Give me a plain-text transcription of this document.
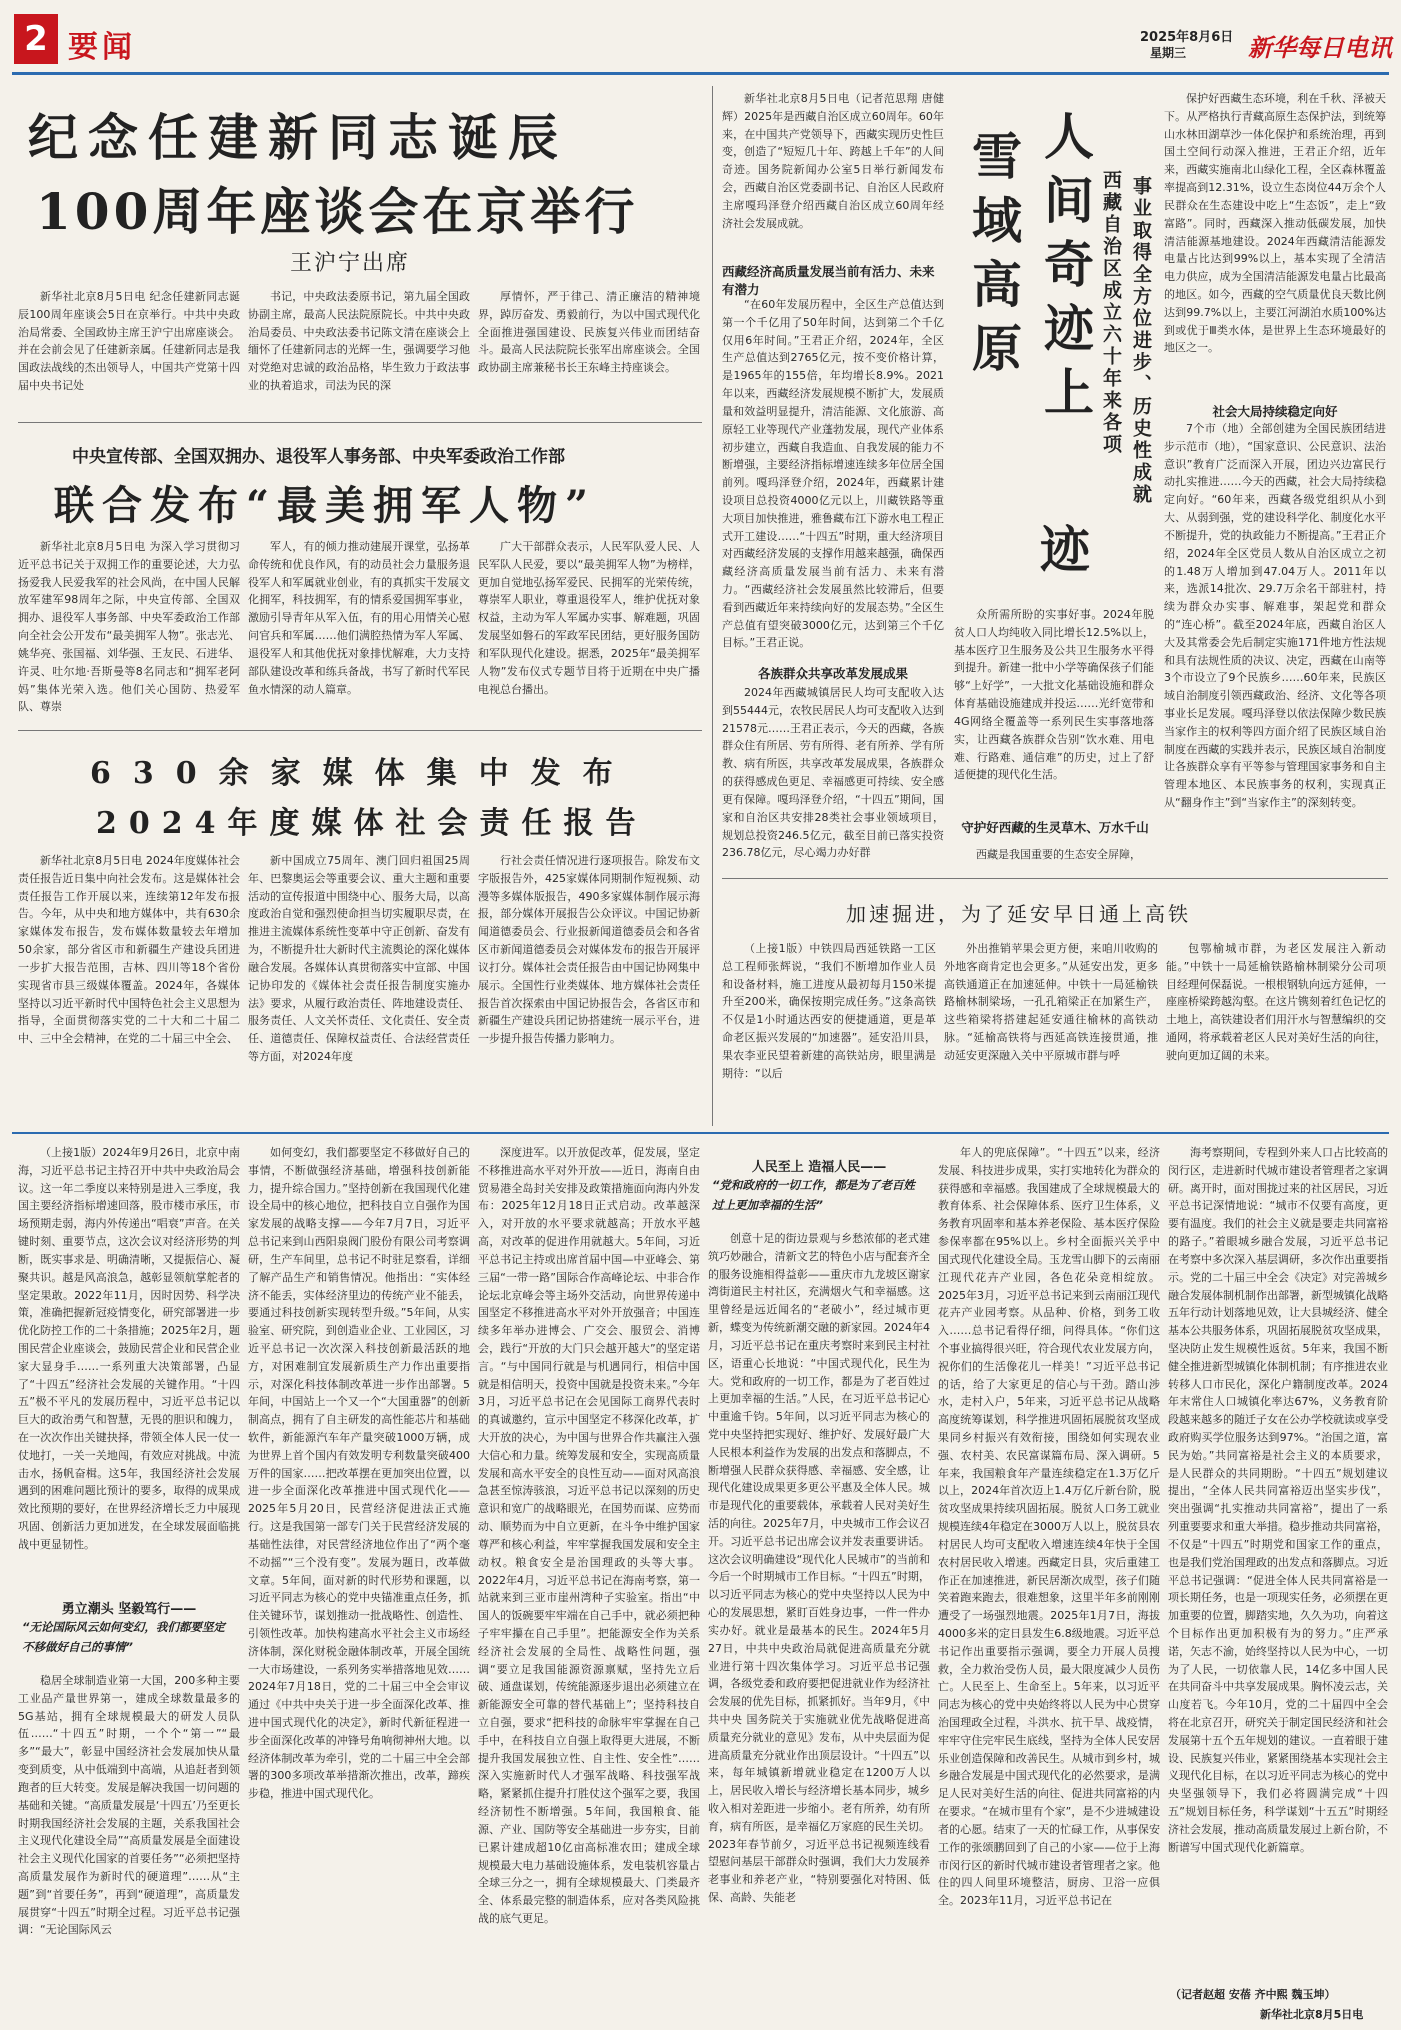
2 要闻	2025年8月6日
星期三	新华每日电讯
纪念任建新同志诞辰
100周年座谈会在京举行
王沪宁出席

新华社北京8月5日电 纪念任建新同志诞辰100周年座谈会5日在京举行。中共中央政治局常委、全国政协主席王沪宁出席座谈会。并在会前会见了任建新亲属。任建新同志是我国政法战线的杰出领导人，中国共产党第十四届中央书记处

书记，中央政法委原书记，第九届全国政协副主席，最高人民法院原院长。中共中央政治局委员、中央政法委书记陈文清在座谈会上缅怀了任建新同志的光辉一生，强调要学习他对党绝对忠诚的政治品格，毕生致力于政法事业的执着追求，司法为民的深

厚情怀，严于律己、清正廉洁的精神境界，踔厉奋发、勇毅前行，为以中国式现代化全面推进强国建设、民族复兴伟业而团结奋斗。最高人民法院院长张军出席座谈会。全国政协副主席兼秘书长王东峰主持座谈会。

中央宣传部、全国双拥办、退役军人事务部、中央军委政治工作部
联合发布“最美拥军人物”

新华社北京8月5日电 为深入学习贯彻习近平总书记关于双拥工作的重要论述，大力弘扬爱我人民爱我军的社会风尚，在中国人民解放军建军98周年之际，中央宣传部、全国双拥办、退役军人事务部、中央军委政治工作部向全社会公开发布“最美拥军人物”。张志光、姚华亮、张国福、刘华强、王友民、石进华、许灵、吐尔地·吾斯曼等8名同志和“拥军老阿妈”集体光荣入选。他们关心国防、热爱军队、尊崇

军人，有的倾力推动建展开课堂，弘扬革命传统和优良作风，有的动员社会力量服务退役军人和军属就业创业，有的真抓实干发展文化拥军，科技拥军，有的情系爱国拥军事业，激励引导青年从军入伍，有的用心用情关心慰问官兵和军属……他们满腔热情为军人军属、退役军人和其他优抚对象排忧解难，大力支持部队建设改革和练兵备战，书写了新时代军民鱼水情深的动人篇章。

广大干部群众表示，人民军队爱人民、人民军队人民爱，要以“最美拥军人物”为榜样，更加自觉地弘扬军爱民、民拥军的光荣传统，尊崇军人职业，尊重退役军人，维护优抚对象权益，主动为军人军属办实事、解难题，巩固发展坚如磐石的军政军民团结，更好服务国防和军队现代化建设。据悉，2025年“最美拥军人物”发布仪式专题节目将于近期在中央广播电视总台播出。

630余家媒体集中发布
2024年度媒体社会责任报告

新华社北京8月5日电 2024年度媒体社会责任报告近日集中向社会发布。这是媒体社会责任报告工作开展以来，连续第12年发布报告。今年，从中央和地方媒体中，共有630余家媒体发布报告，发布媒体数量较去年增加50余家，部分省区市和新疆生产建设兵团进一步扩大报告范围，吉林、四川等18个省份实现省市县三级媒体覆盖。2024年，各媒体坚持以习近平新时代中国特色社会主义思想为指导，全面贯彻落实党的二十大和二十届二中、三中全会精神，在党的二十届三中全会、

新中国成立75周年、澳门回归祖国25周年、巴黎奥运会等重要会议、重大主题和重要活动的宣传报道中围绕中心、服务大局，以高度政治自觉和强烈使命担当切实履职尽责，在推进主流媒体系统性变革中守正创新、奋发有为，不断提升壮大新时代主流舆论的深化媒体融合发展。各媒体认真贯彻落实中宣部、中国记协印发的《媒体社会责任报告制度实施办法》要求，从履行政治责任、阵地建设责任、服务责任、人文关怀责任、文化责任、安全责任、道德责任、保障权益责任、合法经营责任等方面，对2024年度

行社会责任情况进行逐项报告。除发布文字版报告外，425家媒体同期制作短视频、动漫等多媒体版报告，490多家媒体制作展示海报，部分媒体开展报告公众评议。中国记协新闻道德委员会、行业报新闻道德委员会和各省区市新闻道德委员会对媒体发布的报告开展评议打分。媒体社会责任报告由中国记协网集中展示。全国性行业类媒体、地方媒体社会责任报告首次探索由中国记协报告会，各省区市和新疆生产建设兵团记协搭建统一展示平台，进一步提升报告传播力影响力。

新华社北京8月5日电（记者范思翔 唐健辉）2025年是西藏自治区成立60周年。60年来，在中国共产党领导下，西藏实现历史性巨变，创造了“短短几十年、跨越上千年”的人间奇迹。国务院新闻办公室5日举行新闻发布会，西藏自治区党委副书记、自治区人民政府主席嘎玛泽登介绍西藏自治区成立60周年经济社会发展成就。

西藏经济高质量发展当前有活力、未来有潜力

“在60年发展历程中，全区生产总值达到第一个千亿用了50年时间，达到第二个千亿仅用6年时间。”王君正介绍，2024年，全区生产总值达到2765亿元，按不变价格计算，是1965年的155倍，年均增长8.9%。2021年以来，西藏经济发展规模不断扩大，发展质量和效益明显提升，清洁能源、文化旅游、高原轻工业等现代产业蓬勃发展，现代产业体系初步建立，西藏自我造血、自我发展的能力不断增强，主要经济指标增速连续多年位居全国前列。嘎玛泽登介绍，2024年，西藏累计建设项目总投资4000亿元以上，川藏铁路等重大项目加快推进，雅鲁藏布江下游水电工程正式开工建设……“十四五”时期，重大经济项目对西藏经济发展的支撑作用越来越强，确保西藏经济高质量发展当前有活力、未来有潜力。“西藏经济社会发展虽然比较滞后，但要看到西藏近年来持续向好的发展态势。”全区生产总值有望突破3000亿元，达到第三个千亿目标。”王君正说。

各族群众共享改革发展成果

2024年西藏城镇居民人均可支配收入达到55444元，农牧民居民人均可支配收入达到21578元……王君正表示，今天的西藏，各族群众住有所居、劳有所得、老有所养、学有所教、病有所医，共享改革发展成果，各族群众的获得感成色更足、幸福感更可持续、安全感更有保障。嘎玛泽登介绍，“十四五”期间，国家和自治区共安排28类社会事业领域项目，规划总投资246.5亿元，截至目前已落实投资236.78亿元，尽心竭力办好群

人间奇迹上
迹
雪域高原	西藏自治区成立六十年来各项 事业取得全方位进步、历史性成就

众所需所盼的实事好事。2024年脱贫人口人均纯收入同比增长12.5%以上，基本医疗卫生服务及公共卫生服务水平得到提升。新建一批中小学等确保孩子们能够“上好学”，一大批文化基础设施和群众体育基础设施建成并投运……光纤宽带和4G网络全覆盖等一系列民生实事落地落实，让西藏各族群众告别“饮水难、用电难、行路难、通信难”的历史，过上了舒适便捷的现代化生活。

守护好西藏的生灵草木、万水千山

西藏是我国重要的生态安全屏障，

保护好西藏生态环境，利在千秋、泽被天下。从严格执行青藏高原生态保护法，到统筹山水林田湖草沙一体化保护和系统治理，再到国土空间行动深入推进，王君正介绍，近年来，西藏实施南北山绿化工程，全区森林覆盖率提高到12.31%，设立生态岗位44万余个人民群众在生态建设中吃上“生态饭”，走上“致富路”。同时，西藏深入推动低碳发展，加快清洁能源基地建设。2024年西藏清洁能源发电量占比达到99%以上，基本实现了全清洁电力供应，成为全国清洁能源发电量占比最高的地区。如今，西藏的空气质量优良天数比例达到99.7%以上，主要江河湖泊水质100%达到或优于Ⅲ类水体，是世界上生态环境最好的地区之一。

社会大局持续稳定向好

7个市（地）全部创建为全国民族团结进步示范市（地），“国家意识、公民意识、法治意识”教育广泛而深入开展，团边兴边富民行动扎实推进……今天的西藏，社会大局持续稳定向好。“60年来，西藏各级党组织从小到大、从弱到强，党的建设科学化、制度化水平不断提升，党的执政能力不断提高。”王君正介绍，2024年全区党员人数从自治区成立之初的1.48万人增加到47.04万人。2011年以来，选派14批次、29.7万余名干部驻村，持续为群众办实事、解难事，架起党和群众的“连心桥”。截至2024年底，西藏自治区人大及其常委会先后制定实施171件地方性法规和具有法规性质的决议、决定，西藏在山南等3个市设立了9个民族乡……60年来，民族区域自治制度引领西藏政治、经济、文化等各项事业长足发展。嘎玛泽登以依法保障少数民族当家作主的权利等四方面介绍了民族区域自治制度在西藏的实践并表示，民族区域自治制度让各族群众享有平等参与管理国家事务和自主管理本地区、本民族事务的权利，实现真正从“翻身作主”到“当家作主”的深刻转变。

加速掘进，为了延安早日通上高铁

（上接1版）中铁四局西延铁路一工区总工程师张辉说，“我们不断增加作业人员和设备材料，施工进度从最初每月150米提升至200米，确保按期完成任务。”这条高铁不仅是1小时通达西安的便捷通道，更是革命老区振兴发展的“加速器”。延安沿川县，果农李亚民望着新建的高铁站房，眼里满是期待：“以后

外出推销苹果会更方便，来咱川收购的外地客商肯定也会更多。”从延安出发，更多高铁通道正在加速延伸。中铁十一局延榆铁路榆林制梁场，一孔孔箱梁正在加紧生产，这些箱梁将搭建起延安通往榆林的高铁动脉。“延榆高铁将与西延高铁连接贯通，推动延安更深融入关中平原城市群与呼

包鄂榆城市群，为老区发展注入新动能。”中铁十一局延榆铁路榆林制梁分公司项目经理何保磊说。一根根钢轨向远方延伸，一座座桥梁跨越沟壑。在这片镌刻着红色记忆的土地上，高铁建设者们用汗水与智慧编织的交通网，将承载着老区人民对美好生活的向往，驶向更加辽阔的未来。

（上接1版）2024年9月26日，北京中南海，习近平总书记主持召开中共中央政治局会议。这一年二季度以来特别是进入三季度，我国主要经济指标增速回落，股市楼市承压，市场预期走弱，海内外传递出“唱衰”声音。在关键时刻、重要节点，这次会议对经济形势的判断，既实事求是、明确清晰，又提振信心、凝聚共识。越是风高浪急，越彰显领航掌舵者的坚定果敢。2022年11月，因时因势、科学决策，准确把握新冠疫情变化，研究部署进一步优化防控工作的二十条措施；2025年2月，题围民营企业座谈会，鼓励民营企业和民营企业家大显身手……一系列重大决策部署，凸显了“十四五”经济社会发展的关键作用。“十四五”极不平凡的发展历程中，习近平总书记以巨大的政治勇气和智慧，无畏的胆识和魄力，在一次次作出关键抉择，带领全体人民一仗一仗地打，一关一关地闯，有效应对挑战。中流击水，扬帆奋楫。这5年，我国经济社会发展遇到的困难问题比预计的要多，取得的成果成效比预期的要好，在世界经济增长乏力中展现巩固、创新活力更加迸发，在全球发展面临挑战中更显韧性。

勇立潮头 坚毅笃行——
“无论国际风云如何变幻，我们都要坚定不移做好自己的事情”

稳居全球制造业第一大国，200多种主要工业品产量世界第一，建成全球数量最多的5G基站，拥有全球规模最大的研发人员队伍……“十四五”时期，一个个“第一”“最多”“最大”，彰显中国经济社会发展加快从量变到质变，从中低端到中高端，从追赶者到领跑者的巨大转变。发展是解决我国一切问题的基础和关键。“高质量发展是‘十四五’乃至更长时期我国经济社会发展的主题，关系我国社会主义现代化建设全局”“高质量发展是全面建设社会主义现代化国家的首要任务”“必须把坚持高质量发展作为新时代的硬道理”……从“主题”到“首要任务”，再到“硬道理”，高质量发展贯穿“十四五”时期全过程。习近平总书记强调：“无论国际风云

如何变幻，我们都要坚定不移做好自己的事情，不断做强经济基础，增强科技创新能力，提升综合国力。”坚持创新在我国现代化建设全局中的核心地位，把科技自立自强作为国家发展的战略支撑——今年7月7日，习近平总书记来到山西阳泉阀门股份有限公司考察调研，生产车间里，总书记不时驻足察看，详细了解产品生产和销售情况。他指出：“实体经济不能丢，实体经济里边的传统产业不能丢，要通过科技创新实现转型升级。”5年间，从实验室、研究院，到创造业企业、工业园区，习近平总书记一次次深入科技创新最活跃的地方，对困难制宜发展新质生产力作出重要指示，对深化科技体制改革进一步作出部署。5年间，中国站上一个又一个“大国重器”的创新制高点，拥有了自主研发的高性能芯片和基础软件，新能源汽车年产量突破1000万辆，成为世界上首个国内有效发明专利数量突破400万件的国家……把改革摆在更加突出位置，以进一步全面深化改革推进中国式现代化——2025年5月20日，民营经济促进法正式施行。这是我国第一部专门关于民营经济发展的基础性法律，对民营经济地位作出了“两个毫不动摇”“三个没有变”。发展为题日，改革做文章。5年间，面对新的时代形势和课题，以习近平同志为核心的党中央锚准重点任务，抓住关键环节，谋划推动一批战略性、创造性、引领性改革。加快构建高水平社会主义市场经济体制，深化财税金融体制改革，开展全国统一大市场建设，一系列务实举措落地见效……2024年7月18日，党的二十届三中全会审议通过《中共中央关于进一步全面深化改革、推进中国式现代化的决定》，新时代新征程进一步全面深化改革的冲锋号角响彻神州大地。以经济体制改革为牵引，党的二十届三中全会部署的300多项改革举措渐次推出，改革，蹄疾步稳，推进中国式现代化。

深度进军。以开放促改革，促发展，坚定不移推进高水平对外开放——近日，海南自由贸易港全岛封关安排及政策措施面向海内外发布：2025年12月18日正式启动。改革越深入，对开放的水平要求就越高；开放水平越高，对改革的促进作用就越大。5年间，习近平总书记主持或出席首届中国—中亚峰会、第三届“一带一路”国际合作高峰论坛、中非合作论坛北京峰会等主场外交活动，向世界传递中国坚定不移推进高水平对外开放强音；中国连续多年举办进博会、广交会、服贸会、消博会，践行“开放的大门只会越开越大”的坚定诺言。“与中国同行就是与机遇同行，相信中国就是相信明天，投资中国就是投资未来。”今年3月，习近平总书记在会见国际工商界代表时的真诚邀约，宣示中国坚定不移深化改革，扩大开放的决心，为中国与世界合作共赢注入强大信心和力量。统筹发展和安全，实现高质量发展和高水平安全的良性互动——面对风高浪急甚至惊涛骇浪，习近平总书记以深刻的历史意识和宽广的战略眼光，在国势而谋、应势而动、顺势而为中自立更新，在斗争中维护国家尊严和核心利益，牢牢掌握我国发展和安全主动权。粮食安全是治国理政的头等大事。2022年4月，习近平总书记在海南考察，第一站就来到三亚市崖州湾种子实验室。指出“中国人的饭碗要牢牢端在自己手中，就必须把种子牢牢攥在自己手里”。把能源安全作为关系经济社会发展的全局性、战略性问题，强调“要立足我国能源资源禀赋，坚持先立后破、通盘谋划，传统能源逐步退出必须建立在新能源安全可靠的替代基础上”；坚持科技自立自强，要求“把科技的命脉牢牢掌握在自己手中，在科技自立自强上取得更大进展，不断提升我国发展独立性、自主性、安全性”……深入实施新时代人才强军战略、科技强军战略，紧紧抓住提升打胜仗这个强军之要，我国经济韧性不断增强。5年间，我国粮食、能源、产业、国防等安全基础进一步夯实，目前已累计建成超10亿亩高标准农田；建成全球规模最大电力基础设施体系，发电装机容量占全球三分之一，拥有全球规模最大、门类最齐全、体系最完整的制造体系，应对各类风险挑战的底气更足。

人民至上 造福人民——
“党和政府的一切工作，都是为了老百姓过上更加幸福的生活”

创意十足的街边景观与乡愁浓郁的老式建筑巧妙融合，清新文艺的特色小店与配套齐全的服务设施相得益彰——重庆市九龙坡区谢家湾街道民主村社区，充满烟火气和幸福感。这里曾经是远近闻名的“老破小”，经过城市更新，蝶变为传统新潮交融的新家园。2024年4月，习近平总书记在重庆考察时来到民主村社区，语重心长地说：“中国式现代化，民生为大。党和政府的一切工作，都是为了老百姓过上更加幸福的生活。”人民，在习近平总书记心中重逾千钧。5年间，以习近平同志为核心的党中央坚持把实现好、维护好、发展好最广大人民根本利益作为发展的出发点和落脚点，不断增强人民群众获得感、幸福感、安全感，让现代化建设成果更多更公平惠及全体人民。城市是现代化的重要载体，承载着人民对美好生活的向往。2025年7月，中央城市工作会议召开。习近平总书记出席会议并发表重要讲话。这次会议明确建设“现代化人民城市”的当前和今后一个时期城市工作目标。“十四五”时期，以习近平同志为核心的党中央坚持以人民为中心的发展思想，紧盯百姓身边事，一件一件办实办好。就业是最基本的民生。2024年5月27日，中共中央政治局就促进高质量充分就业进行第十四次集体学习。习近平总书记强调，各级党委和政府要把促进就业作为经济社会发展的优先目标，抓紧抓好。当年9月，《中共中央 国务院关于实施就业优先战略促进高质量充分就业的意见》发布，从中央层面为促进高质量充分就业作出顶层设计。“十四五”以来，每年城镇新增就业稳定在1200万人以上，居民收入增长与经济增长基本同步，城乡收入相对差距进一步缩小。老有所养，幼有所育，病有所医，是幸福亿万家庭的民生关切。2023年春节前夕，习近平总书记视频连线看望慰问基层干部群众时强调，我们大力发展养老事业和养老产业，“特别要强化对特困、低保、高龄、失能老

年人的兜底保障”。“十四五”以来，经济发展、科技进步成果，实打实地转化为群众的获得感和幸福感。我国建成了全球规模最大的教育体系、社会保障体系、医疗卫生体系，义务教育巩固率和基本养老保险、基本医疗保险参保率都在95%以上。乡村全面振兴关乎中国式现代化建设全局。玉龙雪山脚下的云南丽江现代花卉产业园，各色花朵竞相绽放。2025年3月，习近平总书记来到云南丽江现代花卉产业园考察。从品种、价格，到务工收入……总书记看得仔细，问得具体。“你们这个事业搞得很兴旺，符合现代农业发展方向，祝你们的生活像花儿一样美！”习近平总书记的话，给了大家更足的信心与干劲。踏山涉水，走村入户，5年来，习近平总书记从战略高度统筹谋划，科学推进巩固拓展脱贫攻坚成果同乡村振兴有效衔接，围绕如何实现农业强、农村美、农民富谋篇布局、深入调研。5年来，我国粮食年产量连续稳定在1.3万亿斤以上，2024年首次迈上1.4万亿斤新台阶，脱贫攻坚成果持续巩固拓展。脱贫人口务工就业规模连续4年稳定在3000万人以上，脱贫县农村居民人均可支配收入增速连续4年快于全国农村居民收入增速。西藏定日县，灾后重建工作正在加速推进，新民居渐次成型，孩子们随笑着跑来跑去，很难想象，这里半年多前刚刚遭受了一场强烈地震。2025年1月7日，海拔4000多米的定日县发生6.8级地震。习近平总书记作出重要指示强调，要全力开展人员搜救，全力救治受伤人员，最大限度减少人员伤亡。人民至上、生命至上。5年来，以习近平同志为核心的党中央始终将以人民为中心贯穿治国理政全过程，斗洪水、抗干旱、战疫情，牢牢守住完牢民生底线，坚持为全体人民安居乐业创造保障和改善民生。从城市到乡村，城乡融合发展是中国式现代化的必然要求，是满足人民对美好生活的向往、促进共同富裕的内在要求。“在城市里有个家”，是不少进城建设者的心愿。结束了一天的忙碌工作，从事保安工作的张颂鹏回到了自己的小家——位于上海市闵行区的新时代城市建设者管理者之家。他住的四人间里环境整洁，厨房、卫浴一应俱全。2023年11月，习近平总书记在

海考察期间，专程到外来人口占比较高的闵行区，走进新时代城市建设者管理者之家调研。离开时，面对围拢过来的社区居民，习近平总书记深情地说：“城市不仅要有高度，更要有温度。我们的社会主义就是要走共同富裕的路子。”着眼城乡融合发展，习近平总书记在考察中多次深入基层调研，多次作出重要指示。党的二十届三中全会《决定》对完善城乡融合发展体制机制作出部署，新型城镇化战略五年行动计划落地见效，让大县城经济、健全基本公共服务体系，巩固拓展脱贫攻坚成果，坚决防止发生规模性返贫。5年来，我国不断健全推进新型城镇化体制机制；有序推进农业转移人口市民化，深化户籍制度改革。2024年末常住人口城镇化率达67%，义务教育阶段越来越多的随迁子女在公办学校就读或享受政府购买学位服务达到97%。“治国之道，富民为始。”共同富裕是社会主义的本质要求，是人民群众的共同期盼。“十四五”规划建议提出，“全体人民共同富裕迈出坚实步伐”，突出强调“扎实推动共同富裕”，提出了一系列重要要求和重大举措。稳步推动共同富裕，不仅是“十四五”时期党和国家工作的重点，也是我们党治国理政的出发点和落脚点。习近平总书记强调：“促进全体人民共同富裕是一项长期任务，也是一项现实任务，必须摆在更加重要的位置，脚踏实地，久久为功，向着这个目标作出更加积极有为的努力。”庄严承诺，矢志不渝，始终坚持以人民为中心，一切为了人民，一切依靠人民，14亿多中国人民在共同奋斗中共享发展成果。胸怀凌云志，关山度若飞。今年10月，党的二十届四中全会将在北京召开，研究关于制定国民经济和社会发展第十五个五年规划的建议。一直着眼于建设、民族复兴伟业，紧紧围绕基本实现社会主义现代化目标，在以习近平同志为核心的党中央坚强领导下，我们必将圆满完成“十四五”规划目标任务，科学谋划“十五五”时期经济社会发展，推动高质量发展过上新台阶，不断谱写中国式现代化新篇章。

（记者赵超 安蓓 齐中熙 魏玉坤）
新华社北京8月5日电
